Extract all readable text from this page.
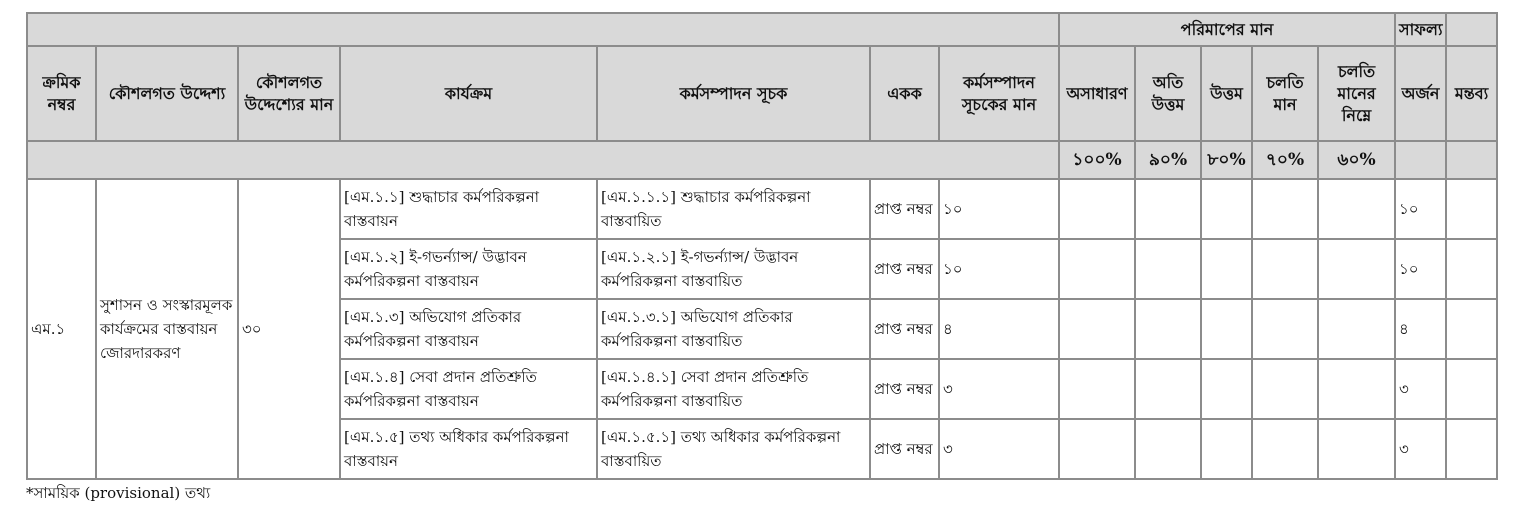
							পরিমাপের মান					সাফল্য	
ক্রমিক নম্বর	কৌশলগত উদ্দেশ্য	কৌশলগত উদ্দেশ্যের মান	কার্যক্রম	কর্মসম্পাদন সূচক	একক	কর্মসম্পাদন সূচকের মান	অসাধারণ	অতি উত্তম	উত্তম	চলতি মান	চলতি মানের নিম্নে	অর্জন	মন্তব্য
							১০০%	৯০%	৮০%	৭০%	৬০%		
এম.১	সুশাসন ও সংস্কারমূলক কার্যক্রমের বাস্তবায়ন জোরদারকরণ	৩০	[এম.১.১] শুদ্ধাচার কর্মপরিকল্পনা বাস্তবায়ন	[এম.১.১.১] শুদ্ধাচার কর্মপরিকল্পনা বাস্তবায়িত	প্রাপ্ত নম্বর	১০						১০	
			[এম.১.২] ই-গভর্ন্যান্স/ উদ্ভাবন কর্মপরিকল্পনা বাস্তবায়ন	[এম.১.২.১] ই-গভর্ন্যান্স/ উদ্ভাবন কর্মপরিকল্পনা বাস্তবায়িত	প্রাপ্ত নম্বর	১০						১০	
			[এম.১.৩] অভিযোগ প্রতিকার কর্মপরিকল্পনা বাস্তবায়ন	[এম.১.৩.১] অভিযোগ প্রতিকার কর্মপরিকল্পনা বাস্তবায়িত	প্রাপ্ত নম্বর	৪						৪	
			[এম.১.৪] সেবা প্রদান প্রতিশ্রুতি কর্মপরিকল্পনা বাস্তবায়ন	[এম.১.৪.১] সেবা প্রদান প্রতিশ্রুতি কর্মপরিকল্পনা বাস্তবায়িত	প্রাপ্ত নম্বর	৩						৩	
			[এম.১.৫] তথ্য অধিকার কর্মপরিকল্পনা বাস্তবায়ন	[এম.১.৫.১] তথ্য অধিকার কর্মপরিকল্পনা বাস্তবায়িত	প্রাপ্ত নম্বর	৩						৩	
*সাময়িক (provisional) তথ্য
